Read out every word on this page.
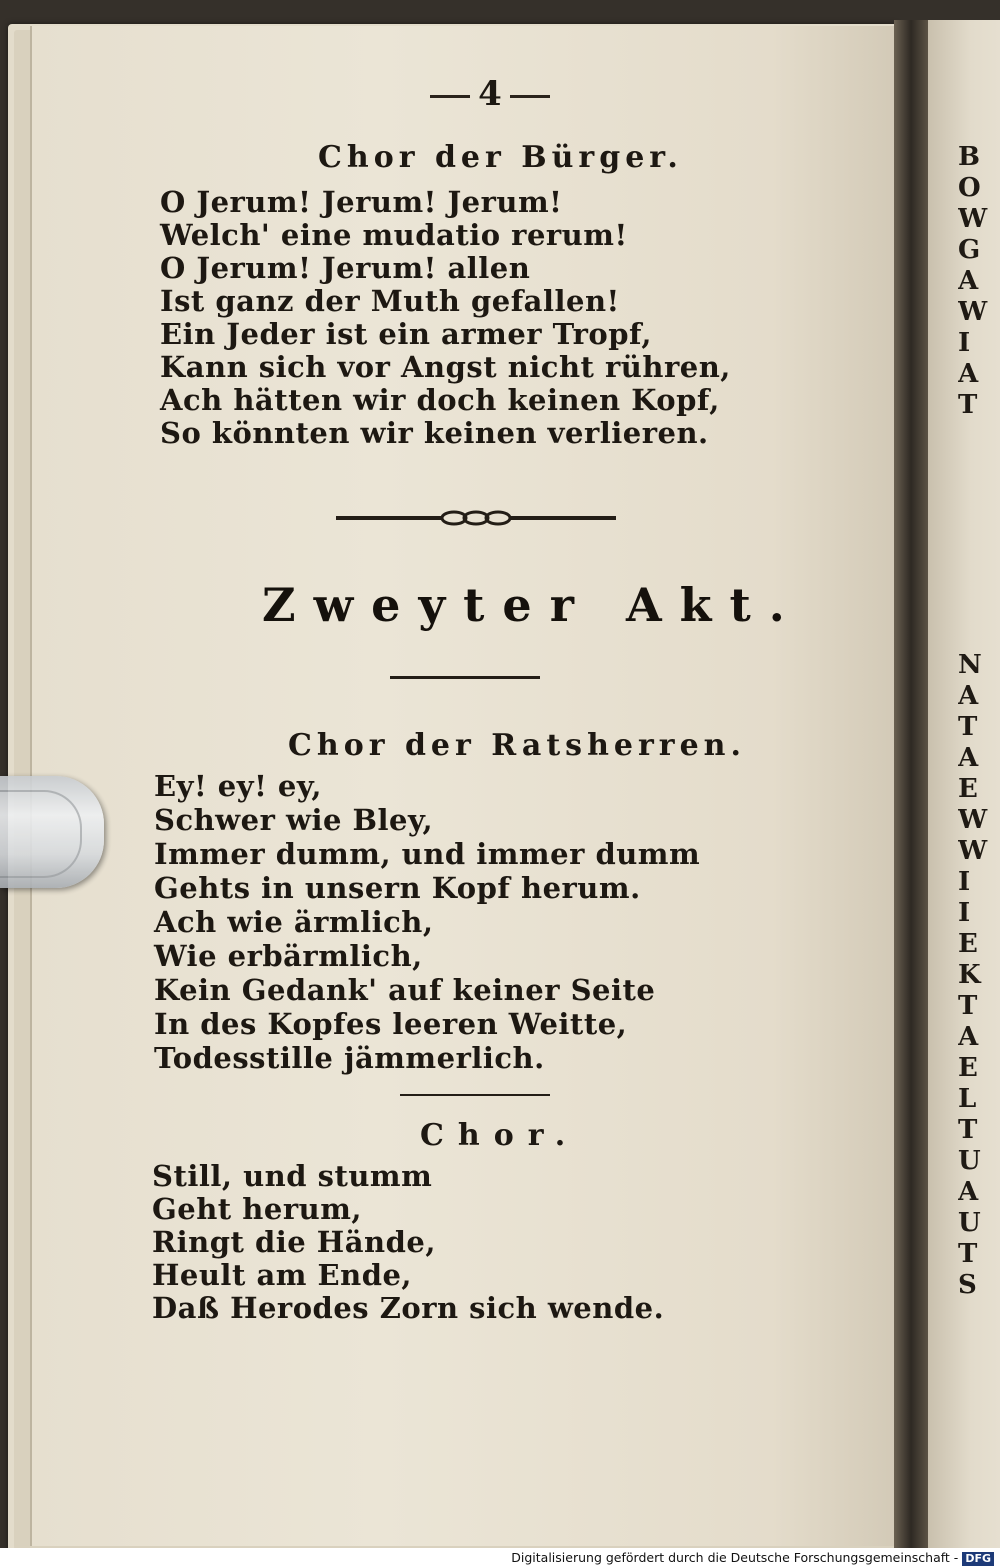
B
O
W
G
A
W
I
A
T
N
A
T
A
E
W
W
I
I
E
K
T
A
E
L
T
U
A
U
T
S
4
Chor der Bürger.
O Jerum! Jerum! Jerum!
Welch' eine mudatio rerum!
O Jerum! Jerum! allen
Ist ganz der Muth gefallen!
Ein Jeder ist ein armer Tropf,
Kann sich vor Angst nicht rühren,
Ach hätten wir doch keinen Kopf,
So könnten wir keinen verlieren.
Zweyter Akt.
Chor der Ratsherren.
Ey! ey! ey,
Schwer wie Bley,
Immer dumm, und immer dumm
Gehts in unsern Kopf herum.
Ach wie ärmlich,
Wie erbärmlich,
Kein Gedank' auf keiner Seite
In des Kopfes leeren Weitte,
Todesstille jämmerlich.
Chor.
Still, und stumm
Geht herum,
Ringt die Hände,
Heult am Ende,
Daß Herodes Zorn sich wende.
Digitalisierung gefördert durch die Deutsche Forschungsgemeinschaft - DFG
